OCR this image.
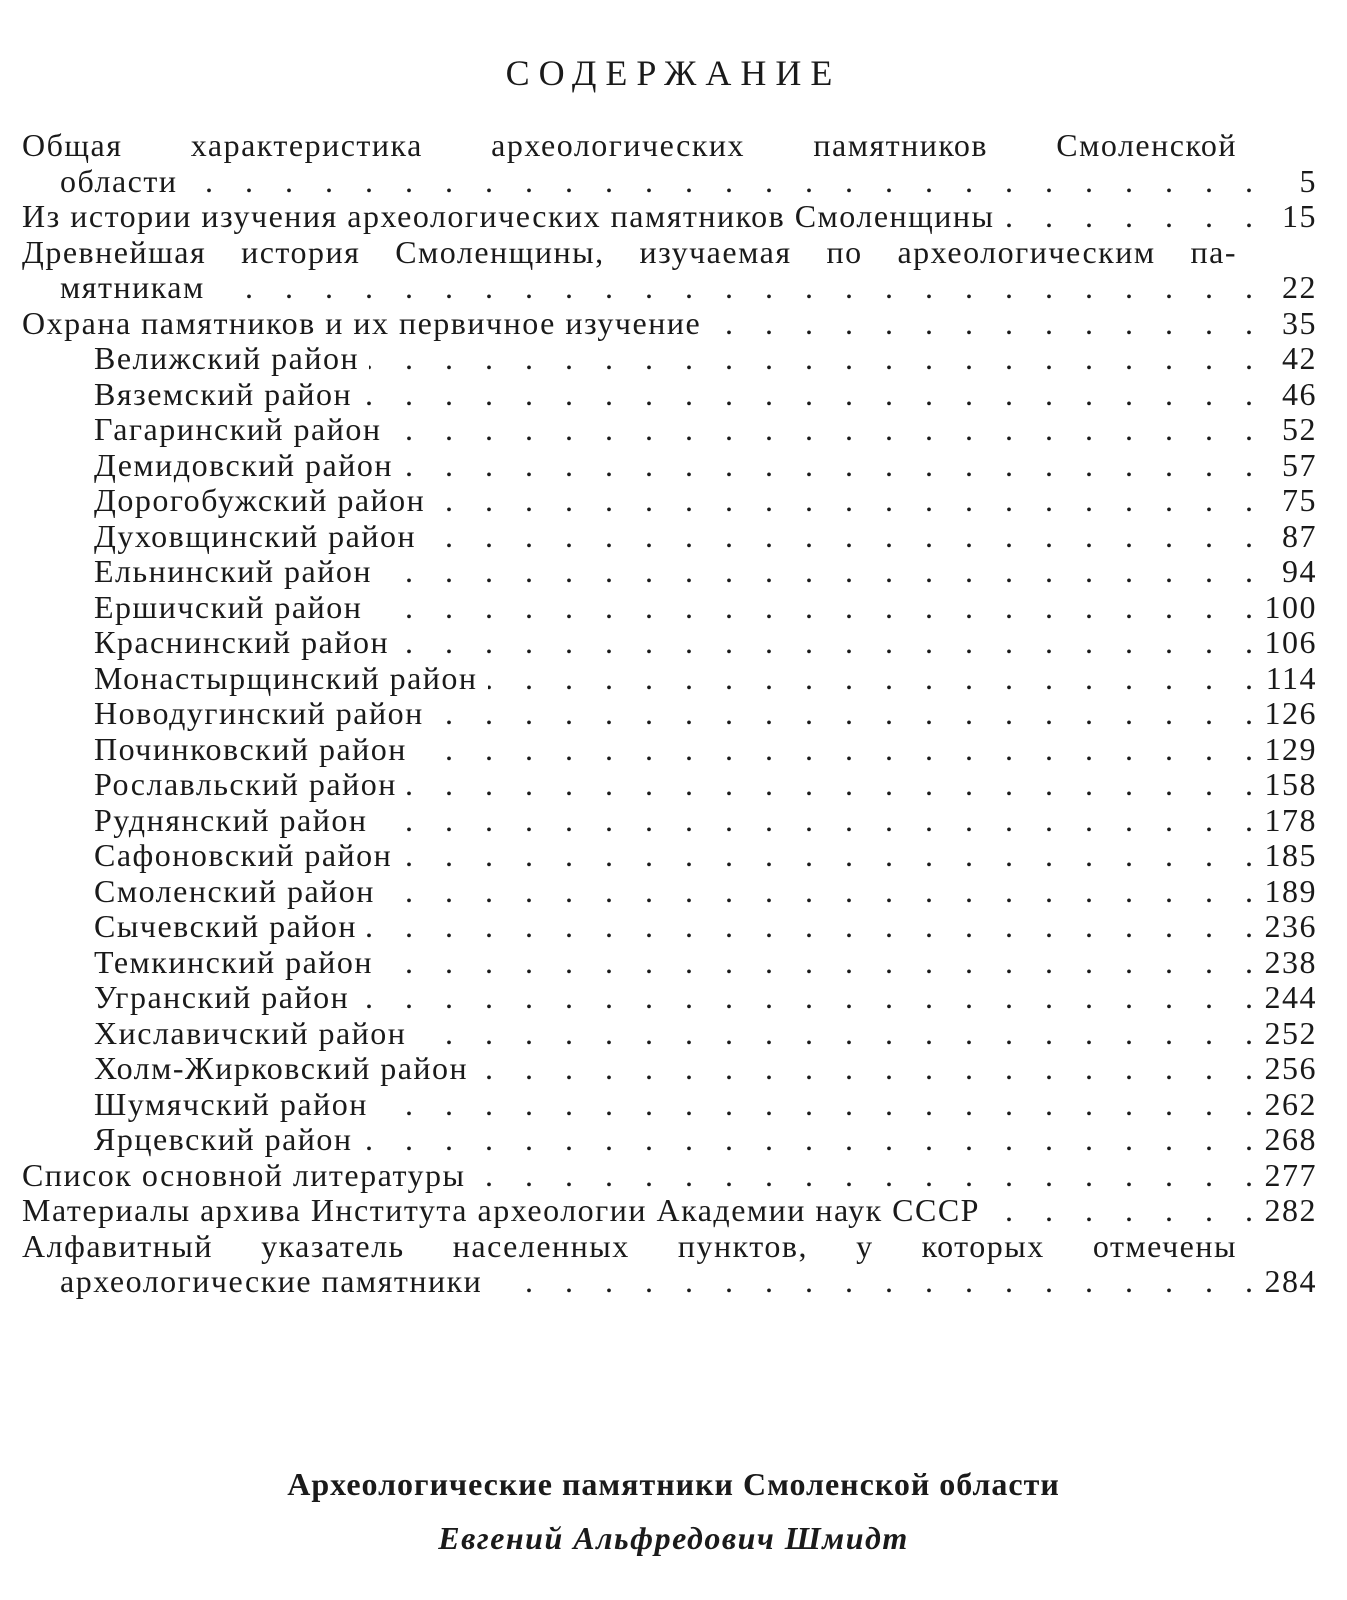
СОДЕРЖАНИЕ
Общая характеристика археологических памятников Смоленской
области .	5
Из истории изучения археологических памятников Смоленщины .	15
Древнейшая история Смоленщины, изучаемая по археологическим па-
мятникам .	22
Охрана памятников и их первичное изучение .	35
Велижский район .	42
Вяземский район .	46
Гагаринский район .	52
Демидовский район .	57
Дорогобужский район .	75
Духовщинский район .	87
Ельнинский район .	94
Ершичский район .	100
Краснинский район .	106
Монастырщинский район .	114
Новодугинский район .	126
Починковский район .	129
Рославльский район .	158
Руднянский район .	178
Сафоновский район .	185
Смоленский район .	189
Сычевский район .	236
Темкинский район .	238
Угранский район .	244
Хиславичский район .	252
Холм-Жирковский район .	256
Шумячский район .	262
Ярцевский район .	268
Список основной литературы .	277
Материалы архива Института археологии Академии наук СССР .	282
Алфавитный указатель населенных пунктов, у которых отмечены
археологические памятники .	284
Археологические памятники Смоленской области
Евгений Альфредович Шмидт
